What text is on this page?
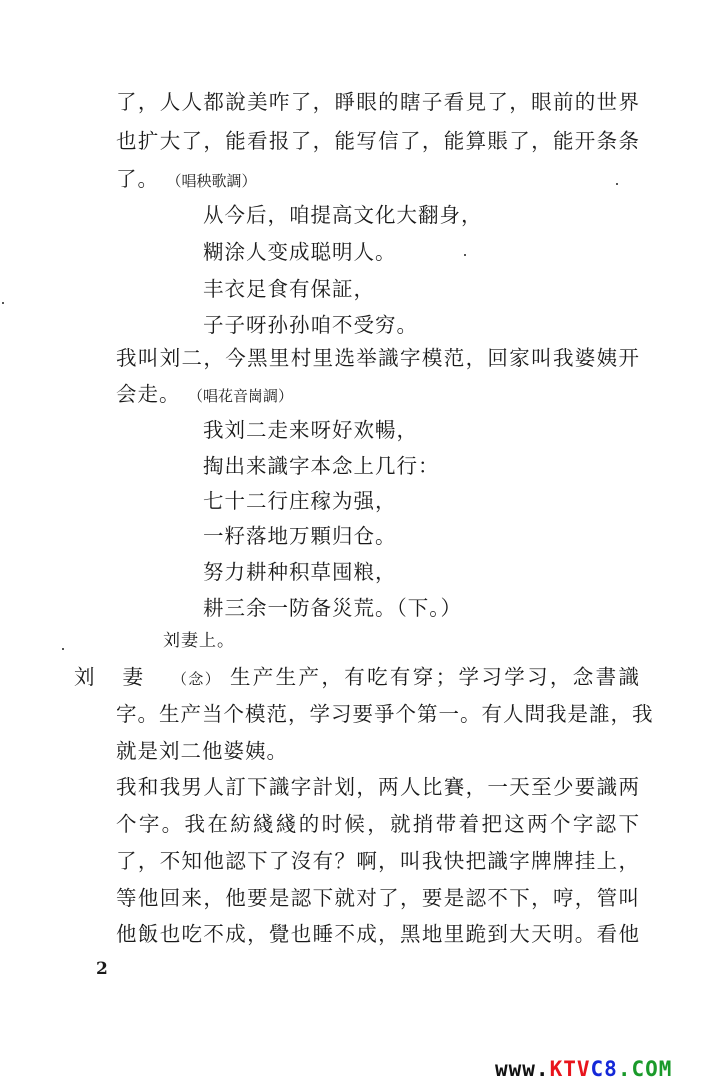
了，人人都說美咋了，睜眼的瞎子看見了，眼前的世界
也扩大了，能看报了，能写信了，能算賬了，能开条条
了。 （唱秧歌調）
从今后，咱提高文化大翻身，
糊涂人变成聪明人。
丰衣足食有保証，
子子呀孙孙咱不受穷。
我叫刘二，今黑里村里选举識字模范，回家叫我婆姨开
会走。 （唱花音崗調）
我刘二走来呀好欢暢，
掏出来識字本念上几行：
七十二行庄稼为强，
一籽落地万顆归仓。
努力耕种积草囤粮，
耕三余一防备災荒。（下。）
刘妻上。
刘 妻 （念） 生产生产，有吃有穿；学习学习，念書識
字。生产当个模范，学习要爭个第一。有人問我是誰，我
就是刘二他婆姨。
我和我男人訂下識字計划，两人比賽，一天至少要識两
个字。我在紡綫綫的时候，就捎带着把这两个字認下
了，不知他認下了沒有？啊，叫我快把識字牌牌挂上，
等他回来，他要是認下就对了，要是認不下，哼，管叫
他飯也吃不成，覺也睡不成，黑地里跪到大天明。看他
2
www.KTVC8.COM
